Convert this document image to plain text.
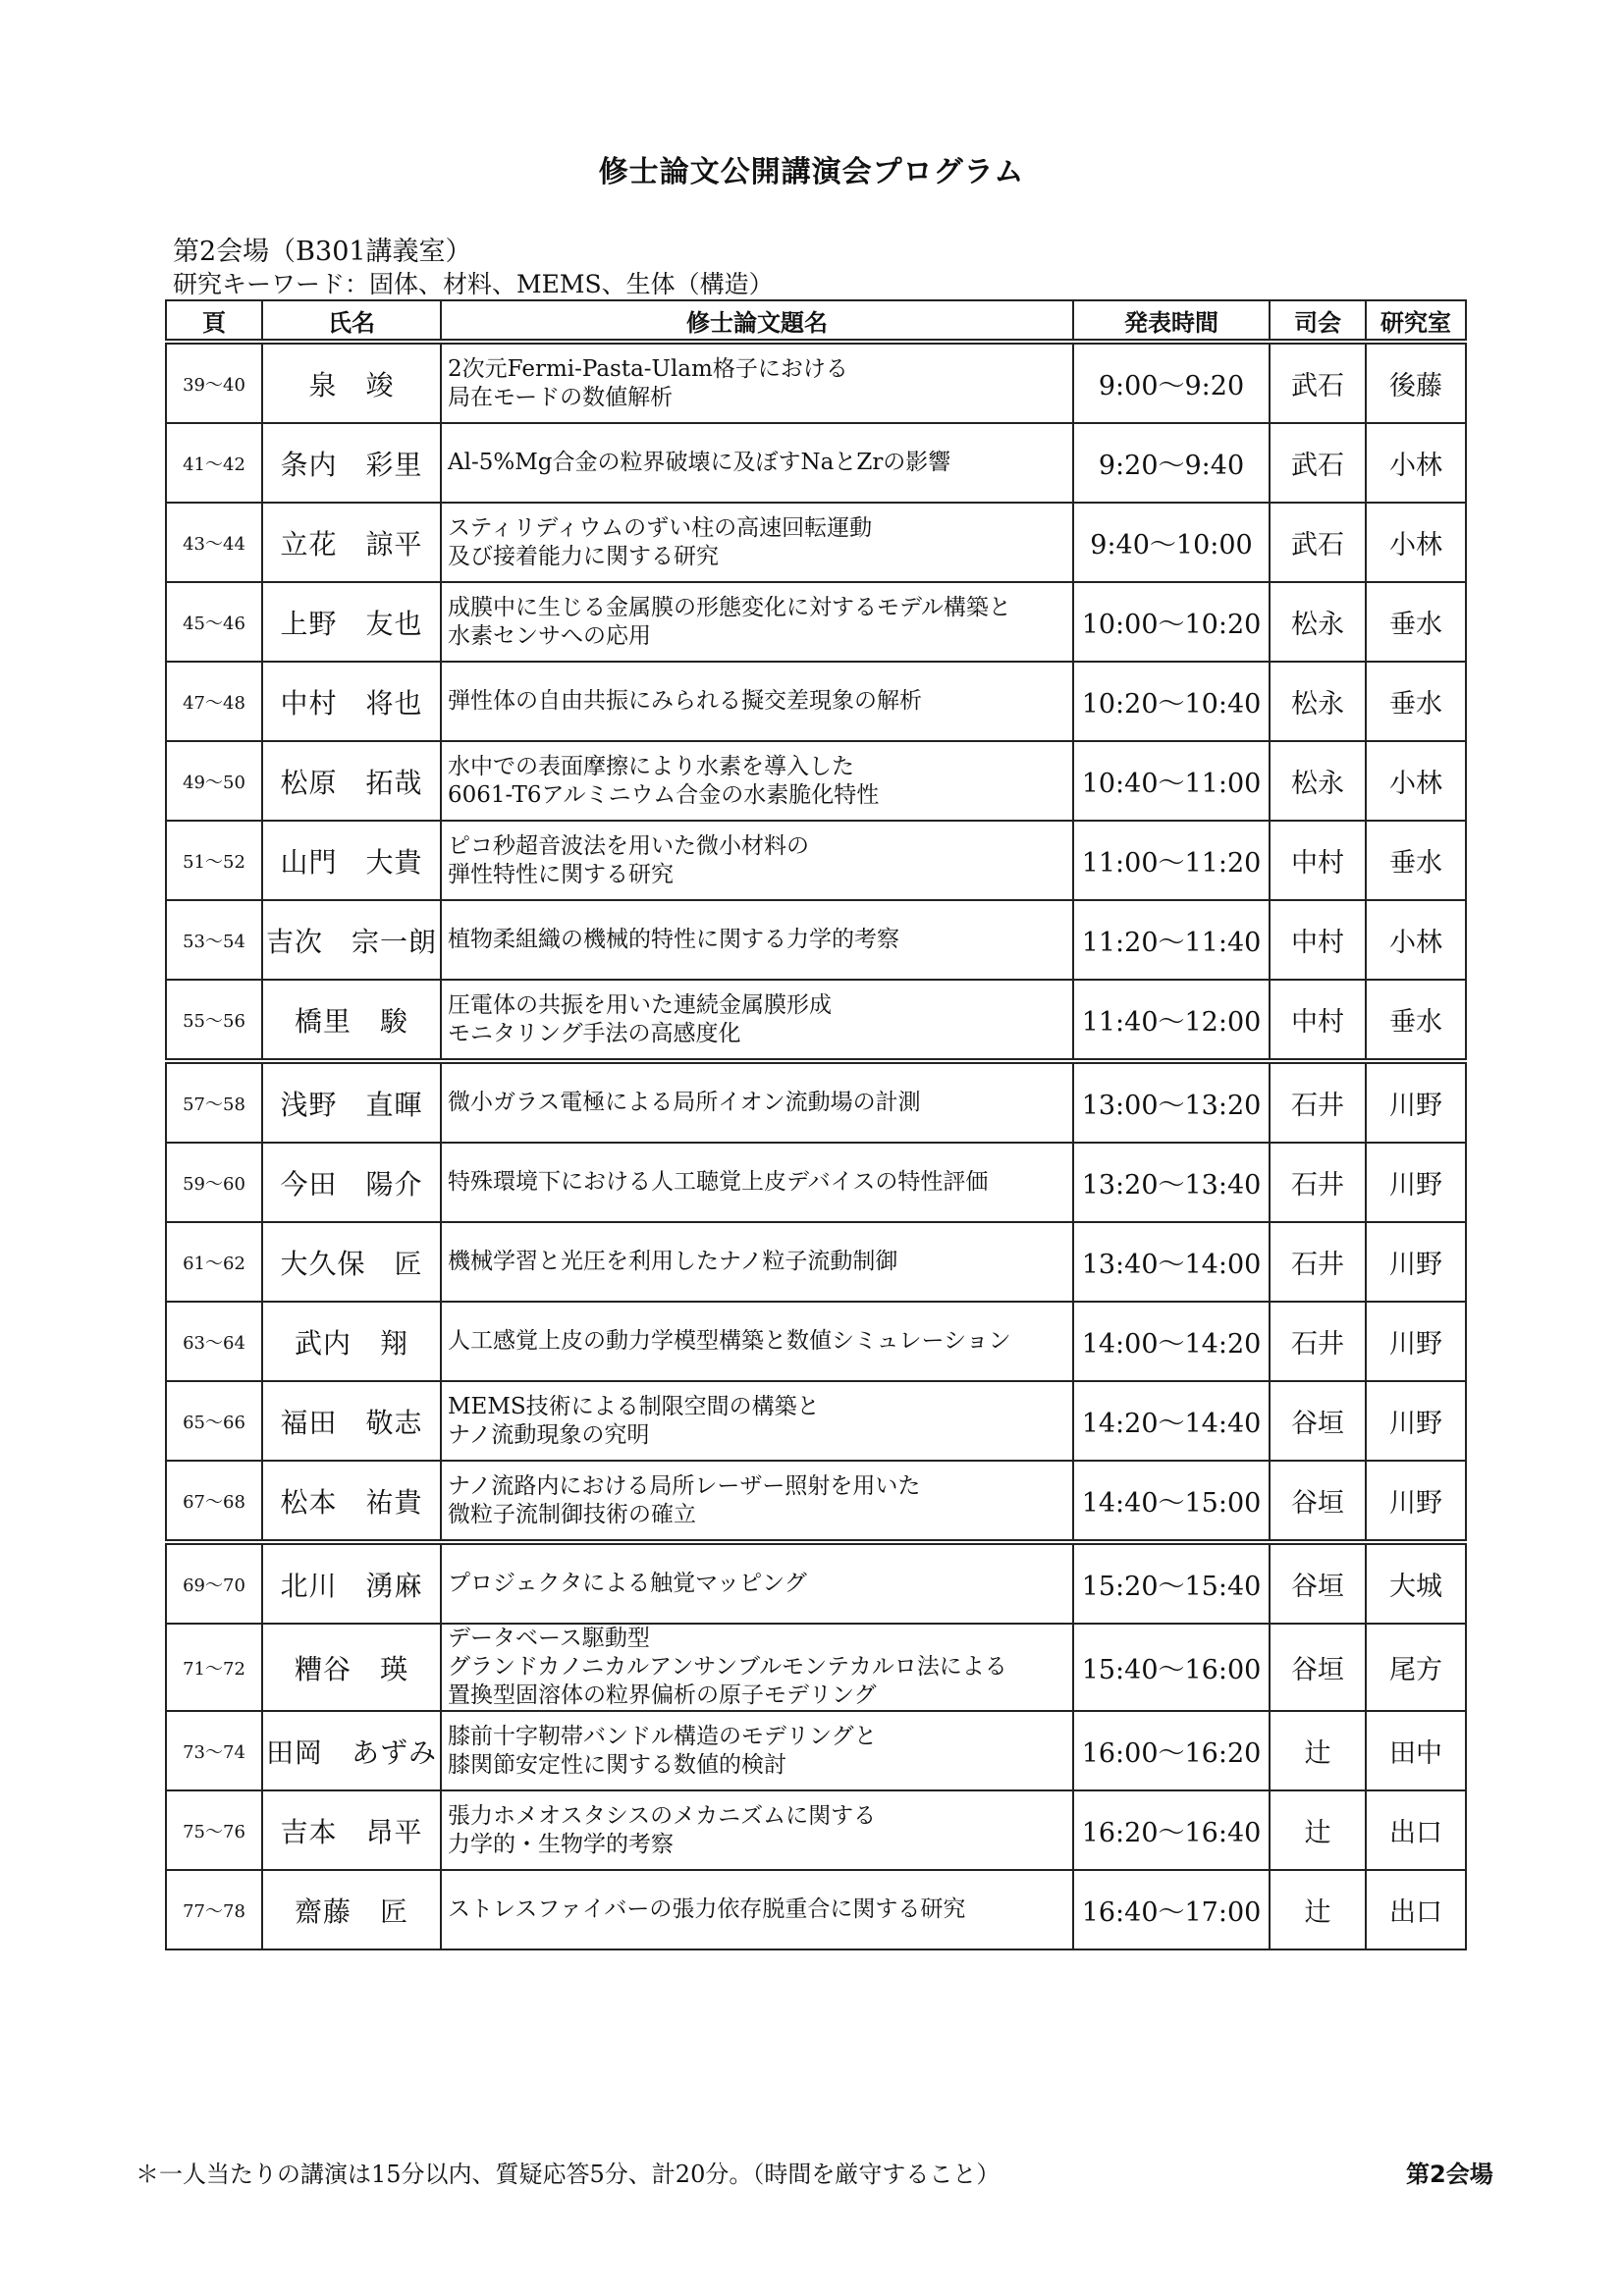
修士論文公開講演会プログラム
第2会場（B301講義室）
研究キーワード：固体、材料、MEMS、生体（構造）
頁	氏名	修士論文題名	発表時間	司会	研究室
39～40	泉　竣	2次元Fermi-Pasta-Ulam格子における
局在モードの数値解析	9:00～9:20	武石	後藤
41～42	条内　彩里	Al-5%Mg合金の粒界破壊に及ぼすNaとZrの影響	9:20～9:40	武石	小林
43～44	立花　諒平	スティリディウムのずい柱の高速回転運動
及び接着能力に関する研究	9:40～10:00	武石	小林
45～46	上野　友也	成膜中に生じる金属膜の形態変化に対するモデル構築と
水素センサへの応用	10:00～10:20	松永	垂水
47～48	中村　将也	弾性体の自由共振にみられる擬交差現象の解析	10:20～10:40	松永	垂水
49～50	松原　拓哉	水中での表面摩擦により水素を導入した
6061-T6アルミニウム合金の水素脆化特性	10:40～11:00	松永	小林
51～52	山門　大貴	ピコ秒超音波法を用いた微小材料の
弾性特性に関する研究	11:00～11:20	中村	垂水
53～54	吉次　宗一朗	植物柔組織の機械的特性に関する力学的考察	11:20～11:40	中村	小林
55～56	橋里　駿	圧電体の共振を用いた連続金属膜形成
モニタリング手法の高感度化	11:40～12:00	中村	垂水
57～58	浅野　直暉	微小ガラス電極による局所イオン流動場の計測	13:00～13:20	石井	川野
59～60	今田　陽介	特殊環境下における人工聴覚上皮デバイスの特性評価	13:20～13:40	石井	川野
61～62	大久保　匠	機械学習と光圧を利用したナノ粒子流動制御	13:40～14:00	石井	川野
63～64	武内　翔	人工感覚上皮の動力学模型構築と数値シミュレーション	14:00～14:20	石井	川野
65～66	福田　敬志	MEMS技術による制限空間の構築と
ナノ流動現象の究明	14:20～14:40	谷垣	川野
67～68	松本　祐貴	ナノ流路内における局所レーザー照射を用いた
微粒子流制御技術の確立	14:40～15:00	谷垣	川野
69～70	北川　湧麻	プロジェクタによる触覚マッピング	15:20～15:40	谷垣	大城
71～72	糟谷　瑛	データベース駆動型
グランドカノニカルアンサンブルモンテカルロ法による
置換型固溶体の粒界偏析の原子モデリング	15:40～16:00	谷垣	尾方
73～74	田岡　あずみ	膝前十字靭帯バンドル構造のモデリングと
膝関節安定性に関する数値的検討	16:00～16:20	辻	田中
75～76	吉本　昂平	張力ホメオスタシスのメカニズムに関する
力学的・生物学的考察	16:20～16:40	辻	出口
77～78	齋藤　匠	ストレスファイバーの張力依存脱重合に関する研究	16:40～17:00	辻	出口
＊一人当たりの講演は15分以内、質疑応答5分、計20分。（時間を厳守すること）	第2会場
